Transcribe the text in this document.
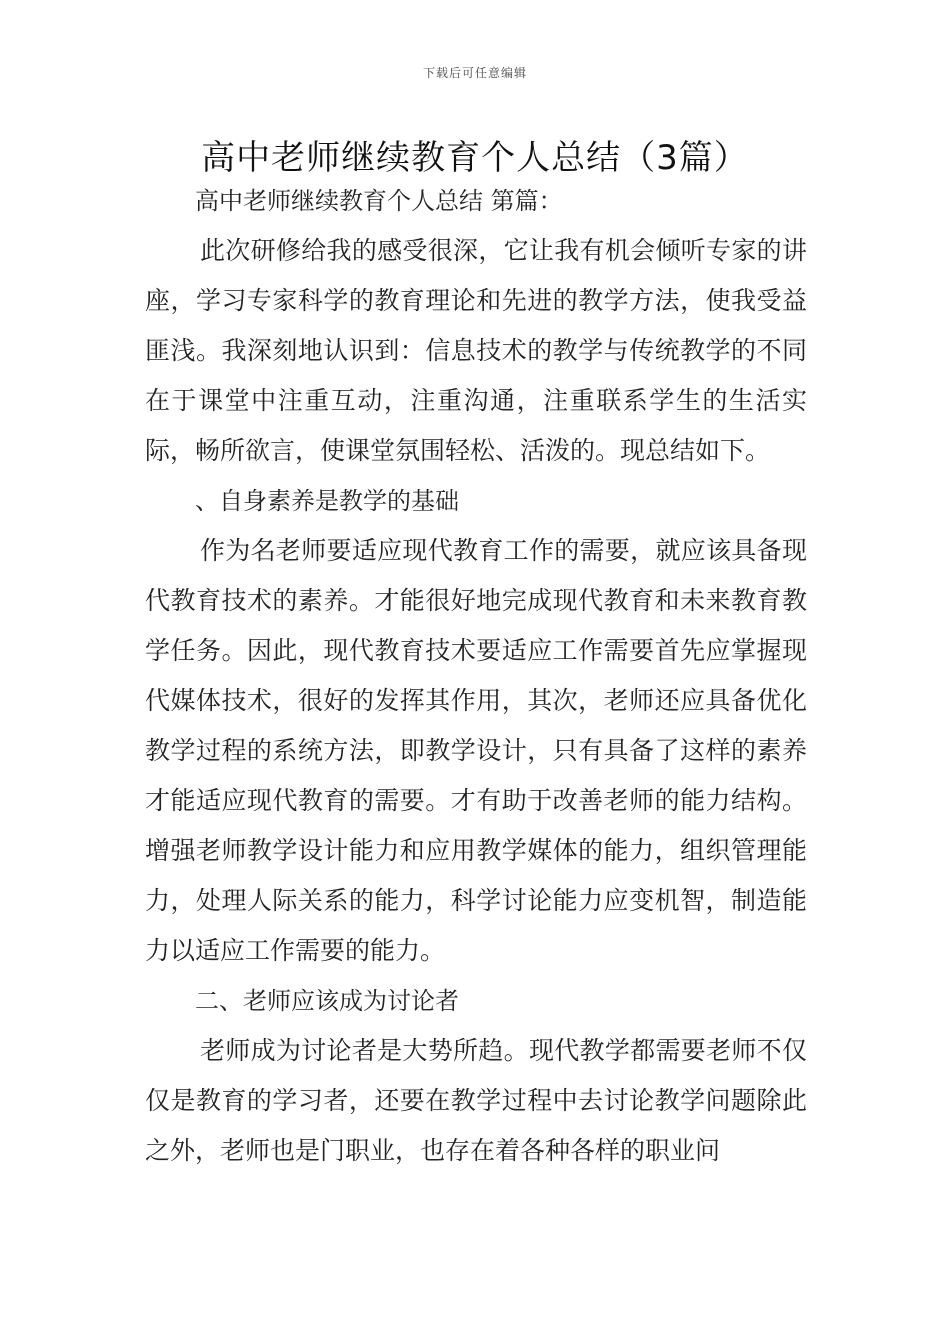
下载后可任意编辑
高中老师继续教育个人总结（3篇）

高中老师继续教育个人总结 第篇：

此次研修给我的感受很深，它让我有机会倾听专家的讲座，学习专家科学的教育理论和先进的教学方法，使我受益匪浅。我深刻地认识到：信息技术的教学与传统教学的不同在于课堂中注重互动，注重沟通，注重联系学生的生活实际，畅所欲言，使课堂氛围轻松、活泼的。现总结如下。

、自身素养是教学的基础

作为名老师要适应现代教育工作的需要，就应该具备现代教育技术的素养。才能很好地完成现代教育和未来教育教学任务。因此，现代教育技术要适应工作需要首先应掌握现代媒体技术，很好的发挥其作用，其次，老师还应具备优化教学过程的系统方法，即教学设计，只有具备了这样的素养才能适应现代教育的需要。才有助于改善老师的能力结构。增强老师教学设计能力和应用教学媒体的能力，组织管理能力，处理人际关系的能力，科学讨论能力应变机智，制造能力以适应工作需要的能力。

二、老师应该成为讨论者

老师成为讨论者是大势所趋。现代教学都需要老师不仅仅是教育的学习者，还要在教学过程中去讨论教学问题除此之外，老师也是门职业，也存在着各种各样的职业问
